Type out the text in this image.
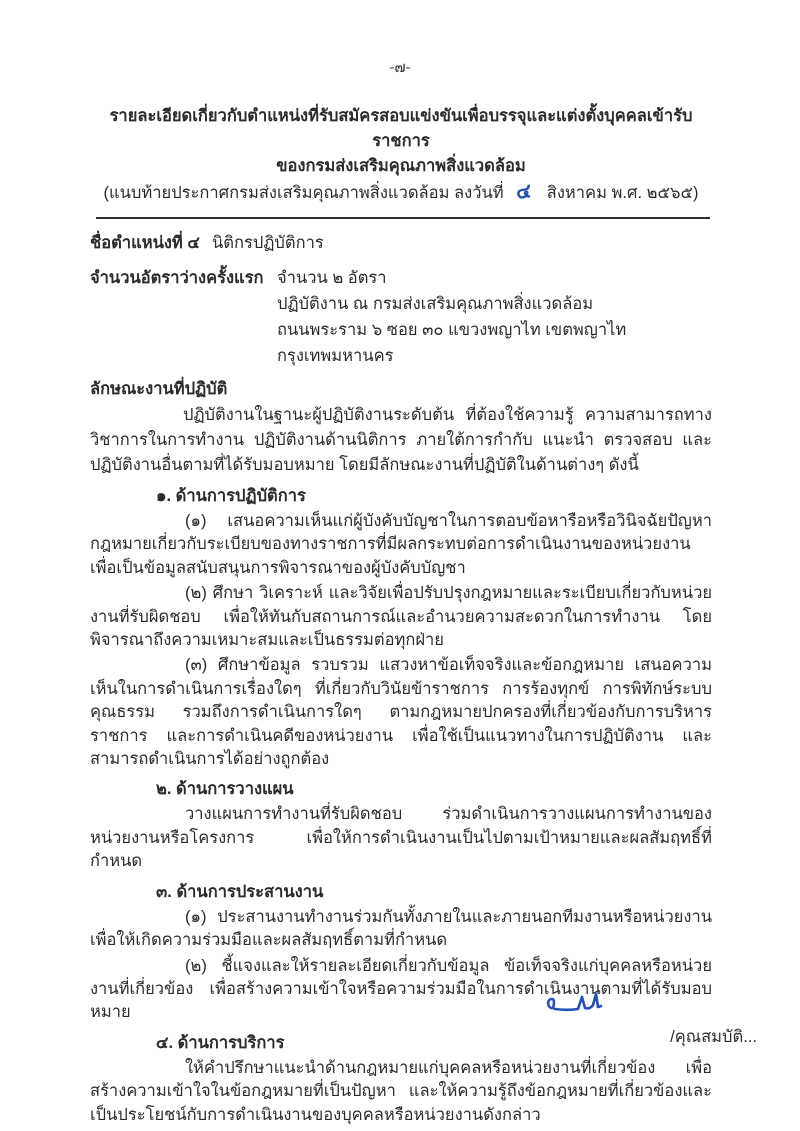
-๗-
รายละเอียดเกี่ยวกับตำแหน่งที่รับสมัครสอบแข่งขันเพื่อบรรจุและแต่งตั้งบุคคลเข้ารับราชการ
ของกรมส่งเสริมคุณภาพสิ่งแวดล้อม
(แนบท้ายประกาศกรมส่งเสริมคุณภาพสิ่งแวดล้อม ลงวันที่ ๔ สิงหาคม พ.ศ. ๒๕๖๕)
ชื่อตำแหน่งที่ ๔ นิติกรปฏิบัติการ
จำนวนอัตราว่างครั้งแรก จำนวน ๒ อัตรา
ปฏิบัติงาน ณ กรมส่งเสริมคุณภาพสิ่งแวดล้อม
ถนนพระราม ๖ ซอย ๓๐ แขวงพญาไท เขตพญาไท กรุงเทพมหานคร
ลักษณะงานที่ปฏิบัติ

ปฏิบัติงานในฐานะผู้ปฏิบัติงานระดับต้น ที่ต้องใช้ความรู้ ความสามารถทางวิชาการในการทำงาน ปฏิบัติงานด้านนิติการ ภายใต้การกำกับ แนะนำ ตรวจสอบ และปฏิบัติงานอื่นตามที่ได้รับมอบหมาย โดยมีลักษณะงานที่ปฏิบัติในด้านต่างๆ ดังนี้

๑. ด้านการปฏิบัติการ

(๑) เสนอความเห็นแก่ผู้บังคับบัญชาในการตอบข้อหารือหรือวินิจฉัยปัญหากฎหมายเกี่ยวกับระเบียบของทางราชการที่มีผลกระทบต่อการดำเนินงานของหน่วยงาน เพื่อเป็นข้อมูลสนับสนุนการพิจารณาของผู้บังคับบัญชา

(๒) ศึกษา วิเคราะห์ และวิจัยเพื่อปรับปรุงกฎหมายและระเบียบเกี่ยวกับหน่วยงานที่รับผิดชอบ เพื่อให้ทันกับสถานการณ์และอำนวยความสะดวกในการทำงาน โดยพิจารณาถึงความเหมาะสมและเป็นธรรมต่อทุกฝ่าย

(๓) ศึกษาข้อมูล รวบรวม แสวงหาข้อเท็จจริงและข้อกฎหมาย เสนอความเห็นในการดำเนินการเรื่องใดๆ ที่เกี่ยวกับวินัยข้าราชการ การร้องทุกข์ การพิทักษ์ระบบคุณธรรม รวมถึงการดำเนินการใดๆ ตามกฎหมายปกครองที่เกี่ยวข้องกับการบริหารราชการ และการดำเนินคดีของหน่วยงาน เพื่อใช้เป็นแนวทางในการปฏิบัติงาน และสามารถดำเนินการได้อย่างถูกต้อง

๒. ด้านการวางแผน

วางแผนการทำงานที่รับผิดชอบ ร่วมดำเนินการวางแผนการทำงานของหน่วยงานหรือโครงการ เพื่อให้การดำเนินงานเป็นไปตามเป้าหมายและผลสัมฤทธิ์ที่กำหนด

๓. ด้านการประสานงาน

(๑) ประสานงานทำงานร่วมกันทั้งภายในและภายนอกทีมงานหรือหน่วยงาน เพื่อให้เกิดความร่วมมือและผลสัมฤทธิ์ตามที่กำหนด

(๒) ชี้แจงและให้รายละเอียดเกี่ยวกับข้อมูล ข้อเท็จจริงแก่บุคคลหรือหน่วยงานที่เกี่ยวข้อง เพื่อสร้างความเข้าใจหรือความร่วมมือในการดำเนินงานตามที่ได้รับมอบหมาย

๔. ด้านการบริการ

ให้คำปรึกษาแนะนำด้านกฎหมายแก่บุคคลหรือหน่วยงานที่เกี่ยวข้อง เพื่อสร้างความเข้าใจในข้อกฎหมายที่เป็นปัญหา และให้ความรู้ถึงข้อกฎหมายที่เกี่ยวข้องและเป็นประโยชน์กับการดำเนินงานของบุคคลหรือหน่วยงานดังกล่าว

/คุณสมบัติ...
